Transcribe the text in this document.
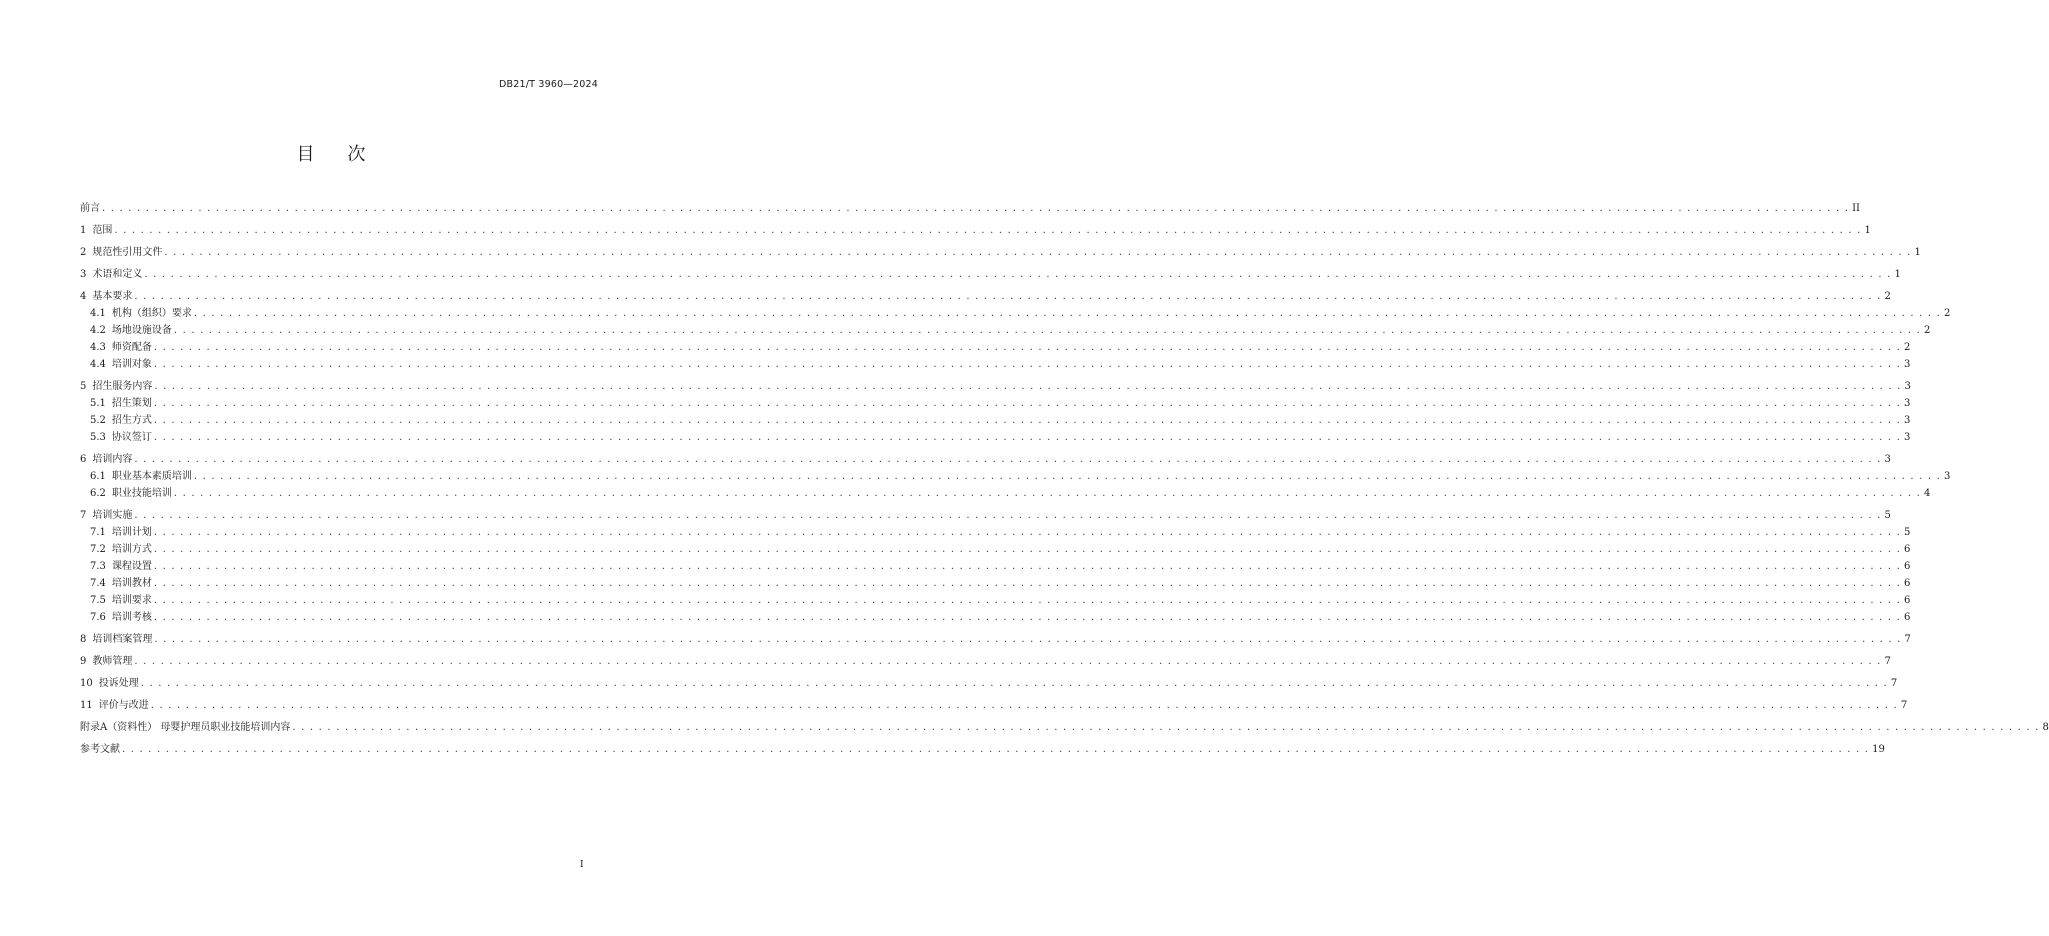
DB21/T 3960—2024
目 次
前言 . . . . . . . . . . . . . . . . . . . . . . . . . . . . . . . . . . . . . . . . . . . . . . . . . . . . . . . . . . . . . . . . . . . . . . . . . . . . . . . . . . . . . . . . . . . . . . . . . . . . . . . . . . . . . . . . . . . . . . . . . . . . . . . . . . . . . . . . . . . . . . . . . . . . . . . . . . . . . . . . . . . . . . . . . . . . . . . . . . . . . . . . . . . . . . . . . . . . . . . . II
1 范围 . . . . . . . . . . . . . . . . . . . . . . . . . . . . . . . . . . . . . . . . . . . . . . . . . . . . . . . . . . . . . . . . . . . . . . . . . . . . . . . . . . . . . . . . . . . . . . . . . . . . . . . . . . . . . . . . . . . . . . . . . . . . . . . . . . . . . . . . . . . . . . . . . . . . . . . . . . . . . . . . . . . . . . . . . . . . . . . . . . . . . . . . . . . . . . . . . . . . . . . . 1
2 规范性引用文件 . . . . . . . . . . . . . . . . . . . . . . . . . . . . . . . . . . . . . . . . . . . . . . . . . . . . . . . . . . . . . . . . . . . . . . . . . . . . . . . . . . . . . . . . . . . . . . . . . . . . . . . . . . . . . . . . . . . . . . . . . . . . . . . . . . . . . . . . . . . . . . . . . . . . . . . . . . . . . . . . . . . . . . . . . . . . . . . . . . . . . . . . . . . . . . . . . . . . . . . . 1
3 术语和定义 . . . . . . . . . . . . . . . . . . . . . . . . . . . . . . . . . . . . . . . . . . . . . . . . . . . . . . . . . . . . . . . . . . . . . . . . . . . . . . . . . . . . . . . . . . . . . . . . . . . . . . . . . . . . . . . . . . . . . . . . . . . . . . . . . . . . . . . . . . . . . . . . . . . . . . . . . . . . . . . . . . . . . . . . . . . . . . . . . . . . . . . . . . . . . . . . . . . . . . . . 1
4 基本要求 . . . . . . . . . . . . . . . . . . . . . . . . . . . . . . . . . . . . . . . . . . . . . . . . . . . . . . . . . . . . . . . . . . . . . . . . . . . . . . . . . . . . . . . . . . . . . . . . . . . . . . . . . . . . . . . . . . . . . . . . . . . . . . . . . . . . . . . . . . . . . . . . . . . . . . . . . . . . . . . . . . . . . . . . . . . . . . . . . . . . . . . . . . . . . . . . . . . . . . . . 2
4.1 机构（组织）要求 . . . . . . . . . . . . . . . . . . . . . . . . . . . . . . . . . . . . . . . . . . . . . . . . . . . . . . . . . . . . . . . . . . . . . . . . . . . . . . . . . . . . . . . . . . . . . . . . . . . . . . . . . . . . . . . . . . . . . . . . . . . . . . . . . . . . . . . . . . . . . . . . . . . . . . . . . . . . . . . . . . . . . . . . . . . . . . . . . . . . . . . . . . . . . . . . . . . . . . . . 2
4.2 场地设施设备 . . . . . . . . . . . . . . . . . . . . . . . . . . . . . . . . . . . . . . . . . . . . . . . . . . . . . . . . . . . . . . . . . . . . . . . . . . . . . . . . . . . . . . . . . . . . . . . . . . . . . . . . . . . . . . . . . . . . . . . . . . . . . . . . . . . . . . . . . . . . . . . . . . . . . . . . . . . . . . . . . . . . . . . . . . . . . . . . . . . . . . . . . . . . . . . . . . . . . . . . 2
4.3 师资配备 . . . . . . . . . . . . . . . . . . . . . . . . . . . . . . . . . . . . . . . . . . . . . . . . . . . . . . . . . . . . . . . . . . . . . . . . . . . . . . . . . . . . . . . . . . . . . . . . . . . . . . . . . . . . . . . . . . . . . . . . . . . . . . . . . . . . . . . . . . . . . . . . . . . . . . . . . . . . . . . . . . . . . . . . . . . . . . . . . . . . . . . . . . . . . . . . . . . . . . . . 2
4.4 培训对象 . . . . . . . . . . . . . . . . . . . . . . . . . . . . . . . . . . . . . . . . . . . . . . . . . . . . . . . . . . . . . . . . . . . . . . . . . . . . . . . . . . . . . . . . . . . . . . . . . . . . . . . . . . . . . . . . . . . . . . . . . . . . . . . . . . . . . . . . . . . . . . . . . . . . . . . . . . . . . . . . . . . . . . . . . . . . . . . . . . . . . . . . . . . . . . . . . . . . . . . . 3
5 招生服务内容 . . . . . . . . . . . . . . . . . . . . . . . . . . . . . . . . . . . . . . . . . . . . . . . . . . . . . . . . . . . . . . . . . . . . . . . . . . . . . . . . . . . . . . . . . . . . . . . . . . . . . . . . . . . . . . . . . . . . . . . . . . . . . . . . . . . . . . . . . . . . . . . . . . . . . . . . . . . . . . . . . . . . . . . . . . . . . . . . . . . . . . . . . . . . . . . . . . . . . . . . 3
5.1 招生策划 . . . . . . . . . . . . . . . . . . . . . . . . . . . . . . . . . . . . . . . . . . . . . . . . . . . . . . . . . . . . . . . . . . . . . . . . . . . . . . . . . . . . . . . . . . . . . . . . . . . . . . . . . . . . . . . . . . . . . . . . . . . . . . . . . . . . . . . . . . . . . . . . . . . . . . . . . . . . . . . . . . . . . . . . . . . . . . . . . . . . . . . . . . . . . . . . . . . . . . . . 3
5.2 招生方式 . . . . . . . . . . . . . . . . . . . . . . . . . . . . . . . . . . . . . . . . . . . . . . . . . . . . . . . . . . . . . . . . . . . . . . . . . . . . . . . . . . . . . . . . . . . . . . . . . . . . . . . . . . . . . . . . . . . . . . . . . . . . . . . . . . . . . . . . . . . . . . . . . . . . . . . . . . . . . . . . . . . . . . . . . . . . . . . . . . . . . . . . . . . . . . . . . . . . . . . . 3
5.3 协议签订 . . . . . . . . . . . . . . . . . . . . . . . . . . . . . . . . . . . . . . . . . . . . . . . . . . . . . . . . . . . . . . . . . . . . . . . . . . . . . . . . . . . . . . . . . . . . . . . . . . . . . . . . . . . . . . . . . . . . . . . . . . . . . . . . . . . . . . . . . . . . . . . . . . . . . . . . . . . . . . . . . . . . . . . . . . . . . . . . . . . . . . . . . . . . . . . . . . . . . . . . 3
6 培训内容 . . . . . . . . . . . . . . . . . . . . . . . . . . . . . . . . . . . . . . . . . . . . . . . . . . . . . . . . . . . . . . . . . . . . . . . . . . . . . . . . . . . . . . . . . . . . . . . . . . . . . . . . . . . . . . . . . . . . . . . . . . . . . . . . . . . . . . . . . . . . . . . . . . . . . . . . . . . . . . . . . . . . . . . . . . . . . . . . . . . . . . . . . . . . . . . . . . . . . . . . 3
6.1 职业基本素质培训 . . . . . . . . . . . . . . . . . . . . . . . . . . . . . . . . . . . . . . . . . . . . . . . . . . . . . . . . . . . . . . . . . . . . . . . . . . . . . . . . . . . . . . . . . . . . . . . . . . . . . . . . . . . . . . . . . . . . . . . . . . . . . . . . . . . . . . . . . . . . . . . . . . . . . . . . . . . . . . . . . . . . . . . . . . . . . . . . . . . . . . . . . . . . . . . . . . . . . . . . 3
6.2 职业技能培训 . . . . . . . . . . . . . . . . . . . . . . . . . . . . . . . . . . . . . . . . . . . . . . . . . . . . . . . . . . . . . . . . . . . . . . . . . . . . . . . . . . . . . . . . . . . . . . . . . . . . . . . . . . . . . . . . . . . . . . . . . . . . . . . . . . . . . . . . . . . . . . . . . . . . . . . . . . . . . . . . . . . . . . . . . . . . . . . . . . . . . . . . . . . . . . . . . . . . . . . . 4
7 培训实施 . . . . . . . . . . . . . . . . . . . . . . . . . . . . . . . . . . . . . . . . . . . . . . . . . . . . . . . . . . . . . . . . . . . . . . . . . . . . . . . . . . . . . . . . . . . . . . . . . . . . . . . . . . . . . . . . . . . . . . . . . . . . . . . . . . . . . . . . . . . . . . . . . . . . . . . . . . . . . . . . . . . . . . . . . . . . . . . . . . . . . . . . . . . . . . . . . . . . . . . . 5
7.1 培训计划 . . . . . . . . . . . . . . . . . . . . . . . . . . . . . . . . . . . . . . . . . . . . . . . . . . . . . . . . . . . . . . . . . . . . . . . . . . . . . . . . . . . . . . . . . . . . . . . . . . . . . . . . . . . . . . . . . . . . . . . . . . . . . . . . . . . . . . . . . . . . . . . . . . . . . . . . . . . . . . . . . . . . . . . . . . . . . . . . . . . . . . . . . . . . . . . . . . . . . . . . 5
7.2 培训方式 . . . . . . . . . . . . . . . . . . . . . . . . . . . . . . . . . . . . . . . . . . . . . . . . . . . . . . . . . . . . . . . . . . . . . . . . . . . . . . . . . . . . . . . . . . . . . . . . . . . . . . . . . . . . . . . . . . . . . . . . . . . . . . . . . . . . . . . . . . . . . . . . . . . . . . . . . . . . . . . . . . . . . . . . . . . . . . . . . . . . . . . . . . . . . . . . . . . . . . . . 6
7.3 课程设置 . . . . . . . . . . . . . . . . . . . . . . . . . . . . . . . . . . . . . . . . . . . . . . . . . . . . . . . . . . . . . . . . . . . . . . . . . . . . . . . . . . . . . . . . . . . . . . . . . . . . . . . . . . . . . . . . . . . . . . . . . . . . . . . . . . . . . . . . . . . . . . . . . . . . . . . . . . . . . . . . . . . . . . . . . . . . . . . . . . . . . . . . . . . . . . . . . . . . . . . . 6
7.4 培训教材 . . . . . . . . . . . . . . . . . . . . . . . . . . . . . . . . . . . . . . . . . . . . . . . . . . . . . . . . . . . . . . . . . . . . . . . . . . . . . . . . . . . . . . . . . . . . . . . . . . . . . . . . . . . . . . . . . . . . . . . . . . . . . . . . . . . . . . . . . . . . . . . . . . . . . . . . . . . . . . . . . . . . . . . . . . . . . . . . . . . . . . . . . . . . . . . . . . . . . . . . 6
7.5 培训要求 . . . . . . . . . . . . . . . . . . . . . . . . . . . . . . . . . . . . . . . . . . . . . . . . . . . . . . . . . . . . . . . . . . . . . . . . . . . . . . . . . . . . . . . . . . . . . . . . . . . . . . . . . . . . . . . . . . . . . . . . . . . . . . . . . . . . . . . . . . . . . . . . . . . . . . . . . . . . . . . . . . . . . . . . . . . . . . . . . . . . . . . . . . . . . . . . . . . . . . . . 6
7.6 培训考核 . . . . . . . . . . . . . . . . . . . . . . . . . . . . . . . . . . . . . . . . . . . . . . . . . . . . . . . . . . . . . . . . . . . . . . . . . . . . . . . . . . . . . . . . . . . . . . . . . . . . . . . . . . . . . . . . . . . . . . . . . . . . . . . . . . . . . . . . . . . . . . . . . . . . . . . . . . . . . . . . . . . . . . . . . . . . . . . . . . . . . . . . . . . . . . . . . . . . . . . . 6
8 培训档案管理 . . . . . . . . . . . . . . . . . . . . . . . . . . . . . . . . . . . . . . . . . . . . . . . . . . . . . . . . . . . . . . . . . . . . . . . . . . . . . . . . . . . . . . . . . . . . . . . . . . . . . . . . . . . . . . . . . . . . . . . . . . . . . . . . . . . . . . . . . . . . . . . . . . . . . . . . . . . . . . . . . . . . . . . . . . . . . . . . . . . . . . . . . . . . . . . . . . . . . . . . 7
9 教师管理 . . . . . . . . . . . . . . . . . . . . . . . . . . . . . . . . . . . . . . . . . . . . . . . . . . . . . . . . . . . . . . . . . . . . . . . . . . . . . . . . . . . . . . . . . . . . . . . . . . . . . . . . . . . . . . . . . . . . . . . . . . . . . . . . . . . . . . . . . . . . . . . . . . . . . . . . . . . . . . . . . . . . . . . . . . . . . . . . . . . . . . . . . . . . . . . . . . . . . . . . 7
10 投诉处理 . . . . . . . . . . . . . . . . . . . . . . . . . . . . . . . . . . . . . . . . . . . . . . . . . . . . . . . . . . . . . . . . . . . . . . . . . . . . . . . . . . . . . . . . . . . . . . . . . . . . . . . . . . . . . . . . . . . . . . . . . . . . . . . . . . . . . . . . . . . . . . . . . . . . . . . . . . . . . . . . . . . . . . . . . . . . . . . . . . . . . . . . . . . . . . . . . . . . . . . . 7
11 评价与改进 . . . . . . . . . . . . . . . . . . . . . . . . . . . . . . . . . . . . . . . . . . . . . . . . . . . . . . . . . . . . . . . . . . . . . . . . . . . . . . . . . . . . . . . . . . . . . . . . . . . . . . . . . . . . . . . . . . . . . . . . . . . . . . . . . . . . . . . . . . . . . . . . . . . . . . . . . . . . . . . . . . . . . . . . . . . . . . . . . . . . . . . . . . . . . . . . . . . . . . . . 7
附录A（资料性） 母婴护理员职业技能培训内容 . . . . . . . . . . . . . . . . . . . . . . . . . . . . . . . . . . . . . . . . . . . . . . . . . . . . . . . . . . . . . . . . . . . . . . . . . . . . . . . . . . . . . . . . . . . . . . . . . . . . . . . . . . . . . . . . . . . . . . . . . . . . . . . . . . . . . . . . . . . . . . . . . . . . . . . . . . . . . . . . . . . . . . . . . . . . . . . . . . . . . . . . . . . . . . . . . . . . . . . . 8
参考文献 . . . . . . . . . . . . . . . . . . . . . . . . . . . . . . . . . . . . . . . . . . . . . . . . . . . . . . . . . . . . . . . . . . . . . . . . . . . . . . . . . . . . . . . . . . . . . . . . . . . . . . . . . . . . . . . . . . . . . . . . . . . . . . . . . . . . . . . . . . . . . . . . . . . . . . . . . . . . . . . . . . . . . . . . . . . . . . . . . . . . . . . . . . . . . . . . . . . . . . . . 19
I
